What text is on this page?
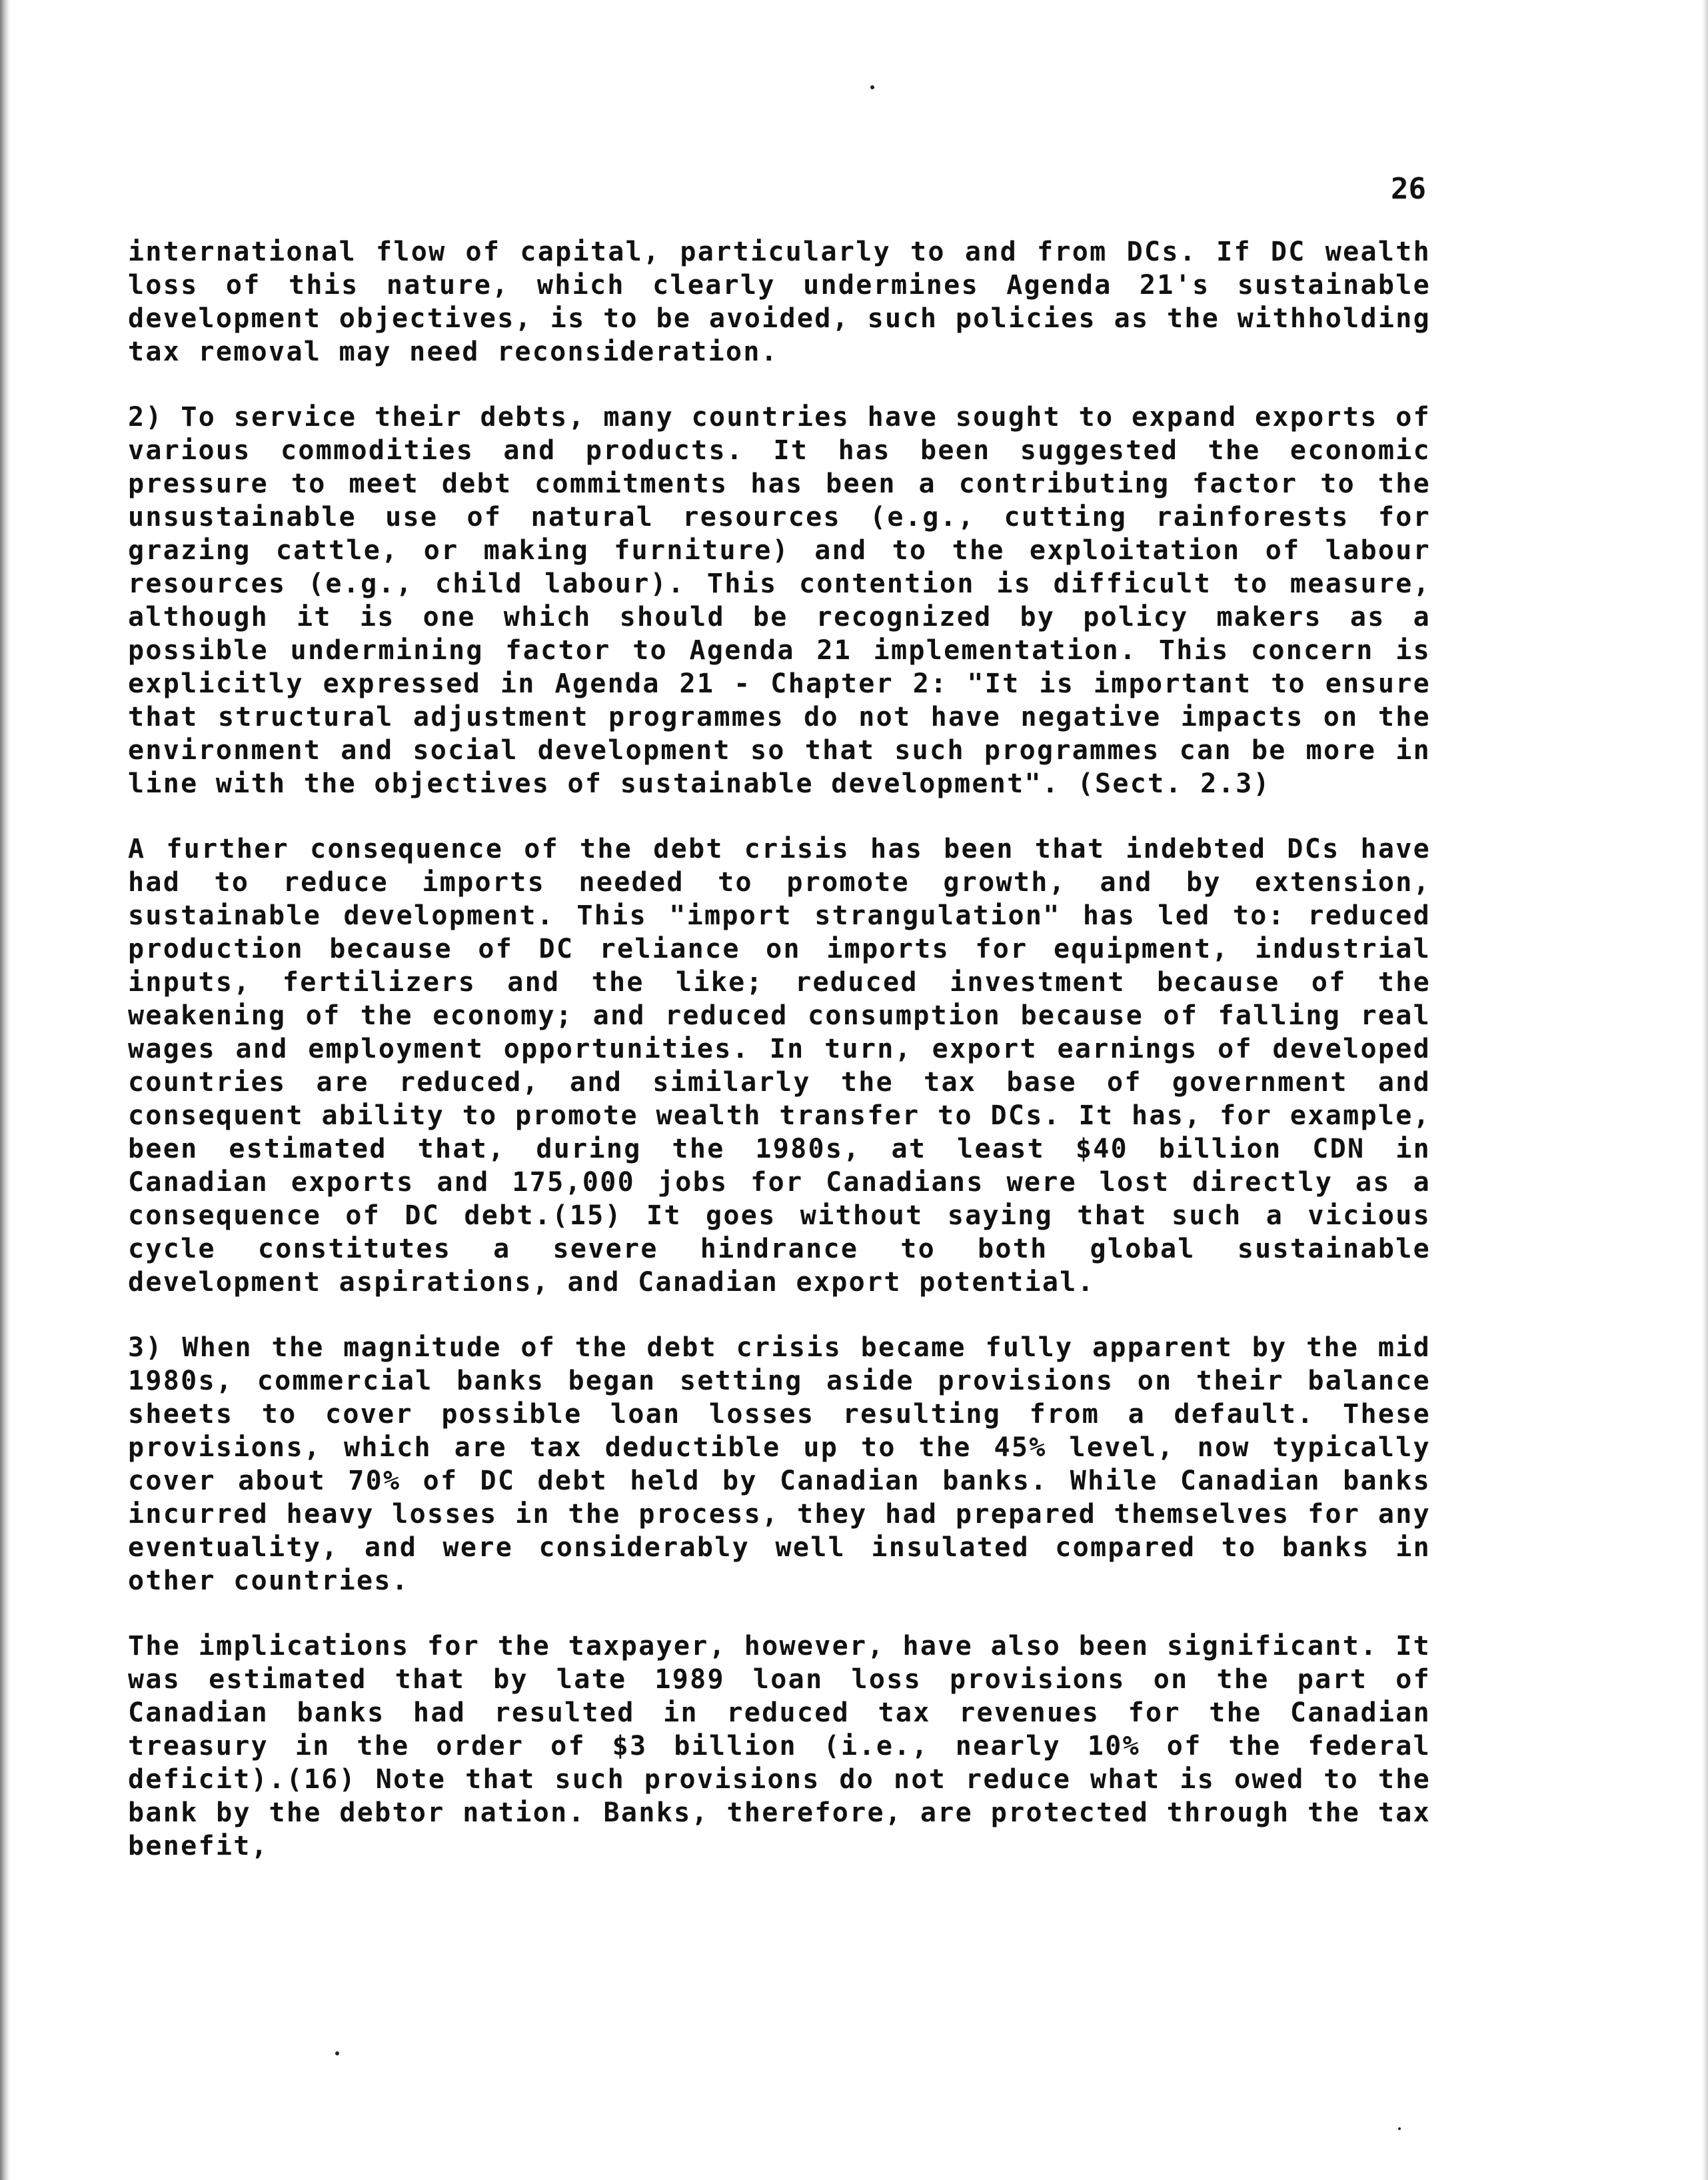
26

international flow of capital, particularly to and from DCs. If DC wealth loss of this nature, which clearly undermines Agenda 21's sustainable development objectives, is to be avoided, such policies as the withholding tax removal may need reconsideration.

2) To service their debts, many countries have sought to expand exports of various commodities and products. It has been suggested the economic pressure to meet debt commitments has been a contributing factor to the unsustainable use of natural resources (e.g., cutting rainforests for grazing cattle, or making furniture) and to the exploitation of labour resources (e.g., child labour). This contention is difficult to measure, although it is one which should be recognized by policy makers as a possible undermining factor to Agenda 21 implementation. This concern is explicitly expressed in Agenda 21 - Chapter 2: "It is important to ensure that structural adjustment programmes do not have negative impacts on the environment and social development so that such programmes can be more in line with the objectives of sustainable development". (Sect. 2.3)

A further consequence of the debt crisis has been that indebted DCs have had to reduce imports needed to promote growth, and by extension, sustainable development. This "import strangulation" has led to: reduced production because of DC reliance on imports for equipment, industrial inputs, fertilizers and the like; reduced investment because of the weakening of the economy; and reduced consumption because of falling real wages and employment opportunities. In turn, export earnings of developed countries are reduced, and similarly the tax base of government and consequent ability to promote wealth transfer to DCs. It has, for example, been estimated that, during the 1980s, at least $40 billion CDN in Canadian exports and 175,000 jobs for Canadians were lost directly as a consequence of DC debt.(15) It goes without saying that such a vicious cycle constitutes a severe hindrance to both global sustainable development aspirations, and Canadian export potential.

3) When the magnitude of the debt crisis became fully apparent by the mid 1980s, commercial banks began setting aside provisions on their balance sheets to cover possible loan losses resulting from a default. These provisions, which are tax deductible up to the 45% level, now typically cover about 70% of DC debt held by Canadian banks. While Canadian banks incurred heavy losses in the process, they had prepared themselves for any eventuality, and were considerably well insulated compared to banks in other countries.

The implications for the taxpayer, however, have also been significant. It was estimated that by late 1989 loan loss provisions on the part of Canadian banks had resulted in reduced tax revenues for the Canadian treasury in the order of $3 billion (i.e., nearly 10% of the federal deficit).(16) Note that such provisions do not reduce what is owed to the bank by the debtor nation. Banks, therefore, are protected through the tax benefit,
